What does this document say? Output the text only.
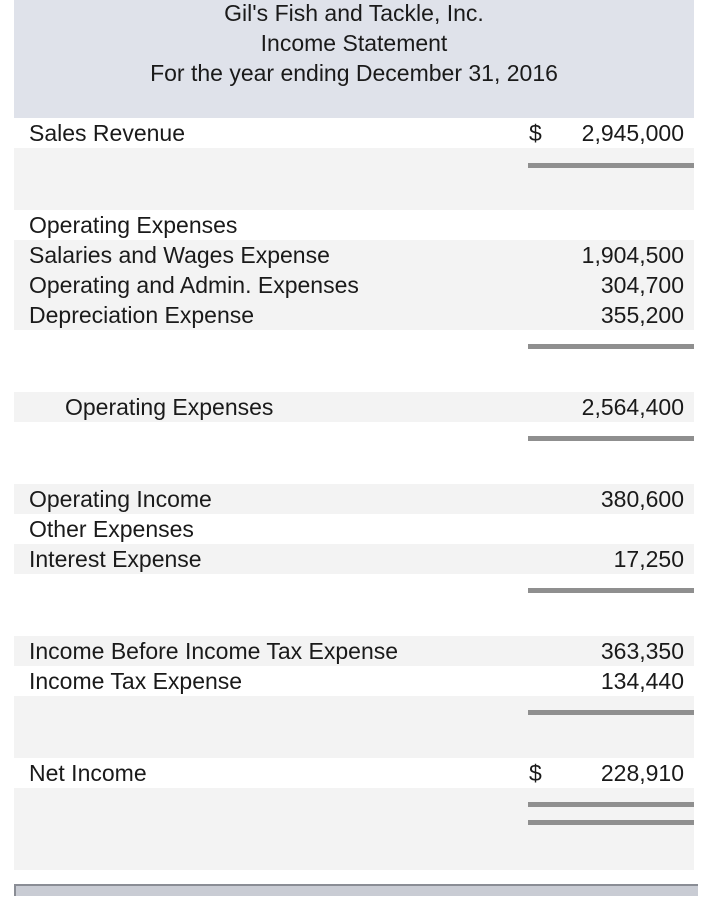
Gil's Fish and Tackle, Inc.
Income Statement
For the year ending December 31, 2016
Sales Revenue	$ 2,945,000
Operating Expenses
Salaries and Wages Expense	1,904,500
Operating and Admin. Expenses	304,700
Depreciation Expense	355,200
Operating Expenses	2,564,400
Operating Income	380,600
Other Expenses
Interest Expense	17,250
Income Before Income Tax Expense	363,350
Income Tax Expense	134,440
Net Income	$	228,910
